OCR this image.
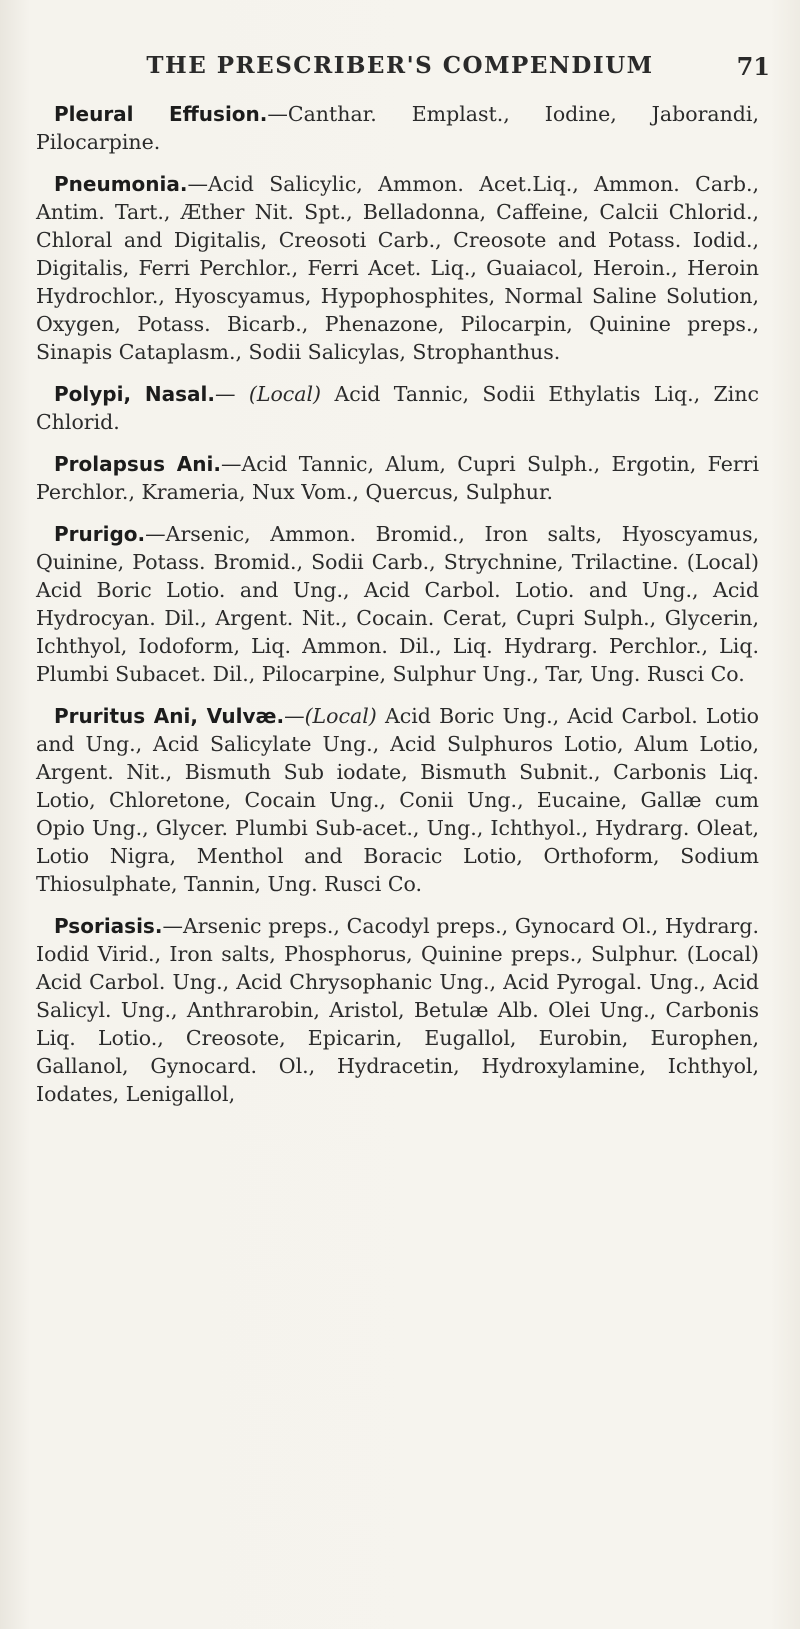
THE PRESCRIBER'S COMPENDIUM	71

Pleural Effusion.—Canthar. Emplast., Iodine, Jaborandi, Pilocarpine.

Pneumonia.—Acid Salicylic, Ammon. Acet.Liq., Ammon. Carb., Antim. Tart., Æther Nit. Spt., Belladonna, Caffeine, Calcii Chlorid., Chloral and Digitalis, Creosoti Carb., Creosote and Potass. Iodid., Digitalis, Ferri Perchlor., Ferri Acet. Liq., Guaiacol, Heroin., Heroin Hydrochlor., Hyoscyamus, Hypophosphites, Normal Saline Solution, Oxygen, Potass. Bicarb., Phenazone, Pilocarpin, Quinine preps., Sinapis Cataplasm., Sodii Salicylas, Strophanthus.

Polypi, Nasal.— (Local) Acid Tannic, Sodii Ethylatis Liq., Zinc Chlorid.

Prolapsus Ani.—Acid Tannic, Alum, Cupri Sulph., Ergotin, Ferri Perchlor., Krameria, Nux Vom., Quercus, Sulphur.

Prurigo.—Arsenic, Ammon. Bromid., Iron salts, Hyoscyamus, Quinine, Potass. Bromid., Sodii Carb., Strychnine, Trilactine. (Local) Acid Boric Lotio. and Ung., Acid Carbol. Lotio. and Ung., Acid Hydrocyan. Dil., Argent. Nit., Cocain. Cerat, Cupri Sulph., Glycerin, Ichthyol, Iodoform, Liq. Ammon. Dil., Liq. Hydrarg. Perchlor., Liq. Plumbi Subacet. Dil., Pilocarpine, Sulphur Ung., Tar, Ung. Rusci Co.

Pruritus Ani, Vulvæ.—(Local) Acid Boric Ung., Acid Carbol. Lotio and Ung., Acid Salicylate Ung., Acid Sulphuros Lotio, Alum Lotio, Argent. Nit., Bismuth Sub iodate, Bismuth Subnit., Carbonis Liq. Lotio, Chloretone, Cocain Ung., Conii Ung., Eucaine, Gallæ cum Opio Ung., Glycer. Plumbi Sub-acet., Ung., Ichthyol., Hydrarg. Oleat, Lotio Nigra, Menthol and Boracic Lotio, Orthoform, Sodium Thiosulphate, Tannin, Ung. Rusci Co.

Psoriasis.—Arsenic preps., Cacodyl preps., Gynocard Ol., Hydrarg. Iodid Virid., Iron salts, Phosphorus, Quinine preps., Sulphur. (Local) Acid Carbol. Ung., Acid Chrysophanic Ung., Acid Pyrogal. Ung., Acid Salicyl. Ung., Anthrarobin, Aristol, Betulæ Alb. Olei Ung., Carbonis Liq. Lotio., Creosote, Epicarin, Eugallol, Eurobin, Europhen, Gallanol, Gynocard. Ol., Hydracetin, Hydroxylamine, Ichthyol, Iodates, Lenigallol,
